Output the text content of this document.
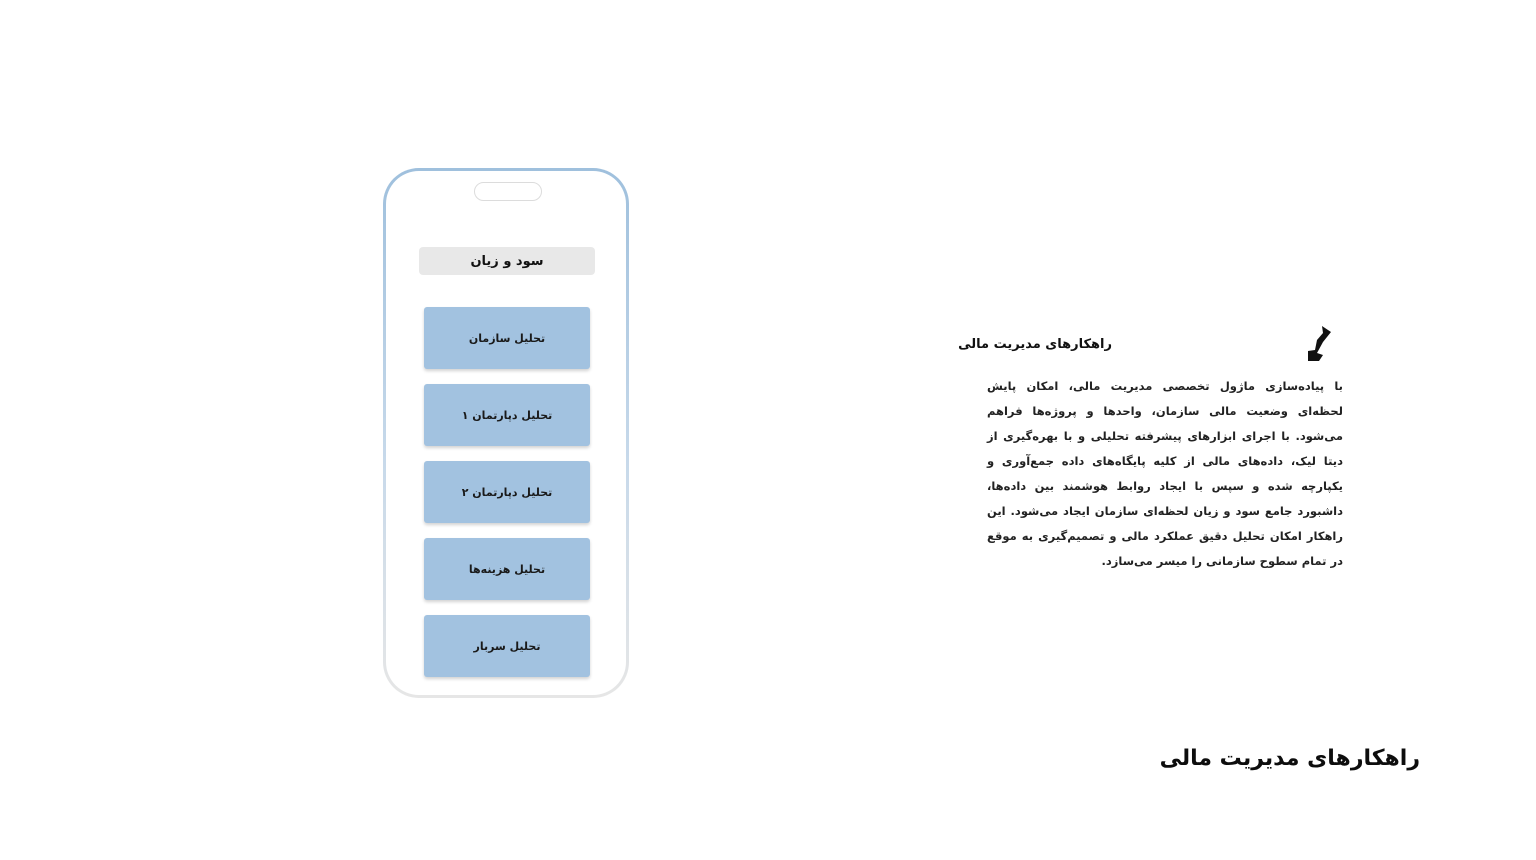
سود و زیان
تحلیل سازمان
تحلیل دپارتمان ۱
تحلیل دپارتمان ۲
تحلیل هزینه‌ها
تحلیل سربار
راهکارهای مدیریت مالی

با پیاده‌سازی ماژول تخصصی مدیریت مالی، امکان پایش لحظه‌ای وضعیت مالی سازمان، واحدها و پروژه‌ها فراهم می‌شود. با اجرای ابزارهای پیشرفته تحلیلی و با بهره‌گیری از دیتا لیک، داده‌های مالی از کلیه پایگاه‌های داده جمع‌آوری و یکپارچه شده و سپس با ایجاد روابط هوشمند بین داده‌ها، داشبورد جامع سود و زیان لحظه‌ای سازمان ایجاد می‌شود. این راهکار امکان تحلیل دقیق عملکرد مالی و تصمیم‌گیری به موقع در تمام سطوح سازمانی را میسر می‌سازد.

راهکارهای مدیریت مالی
